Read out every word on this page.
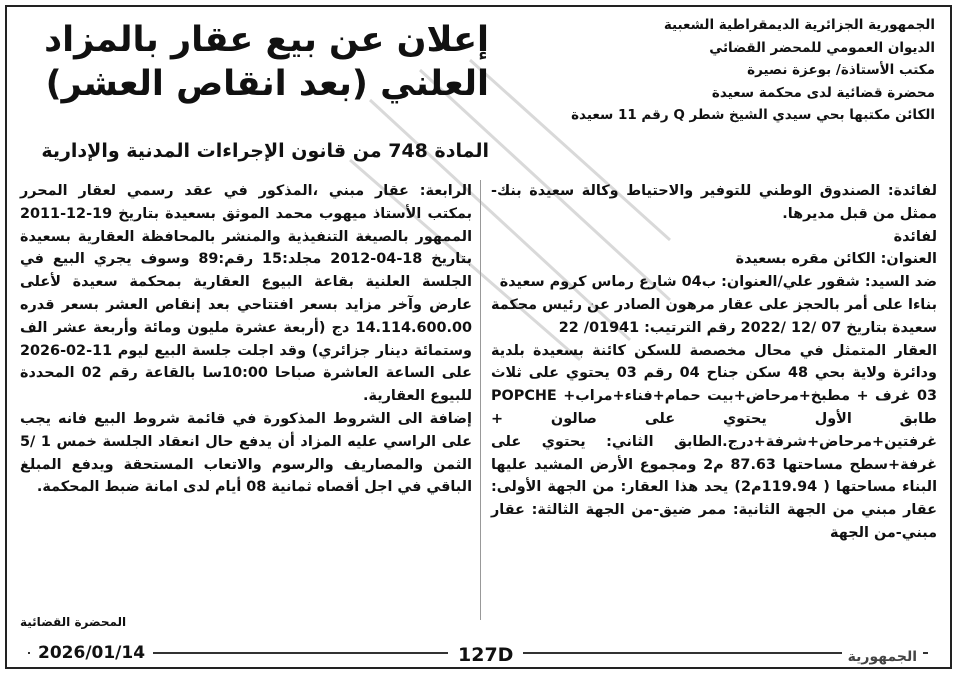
الجمهورية الجزائرية الديمقراطية الشعبية
الديوان العمومي للمحضر القضائي
مكتب الأستاذة/ بوعزة نصيرة
محضرة قضائية لدى محكمة سعيدة
الكائن مكتبها بحي سيدي الشيخ شطر Q رقم 11 سعيدة
إعلان عن بيع عقار بالمزاد
العلني (بعد انقاص العشر)
المادة 748 من قانون الإجراءات المدنية والإدارية

لفائدة: الصندوق الوطني للتوفير والاحتياط وكالة سعيدة بنك-ممثل من قبل مديرها.

لفائدة

العنوان: الكائن مقره بسعيدة

ضد السيد: شقور علي/العنوان: ب04 شارع رماس كروم سعيدة

بناءا على أمر بالحجز على عقار مرهون الصادر عن رئيس محكمة سعيدة بتاريخ 07 /12 /2022 رقم الترتيب: 01941/ 22

العقار المتمثل في محال مخصصة للسكن كائنة بسعيدة بلدية ودائرة ولاية بحي 48 سكن جناح 04 رقم 03 يحتوي على ثلاث 03 غرف + مطبخ+مرحاض+بيت حمام+فناء+مراب+ POPCHE طابق الأول يحتوي على صالون + غرفتين+مرحاض+شرفة+درج.الطابق الثاني: يحتوي على غرفة+سطح مساحتها 87.63 م2 ومجموع الأرض المشيد عليها البناء مساحتها ( 119.94م2) يحد هذا العقار: من الجهة الأولى: عقار مبني من الجهة الثانية: ممر ضيق-من الجهة الثالثة: عقار مبني-من الجهة

الرابعة: عقار مبني ،المذكور في عقد رسمي لعقار المحرر بمكتب الأستاذ ميهوب محمد الموثق بسعيدة بتاريخ 19-12-2011 الممهور بالصيغة التنفيذية والمنشر بالمحافظة العقارية بسعيدة بتاريخ 18-04-2012 مجلد:15 رقم:89 وسوف يجري البيع في الجلسة العلنية بقاعة البيوع العقارية بمحكمة سعيدة لأعلى عارض وآخر مزايد بسعر افتتاحي بعد إنقاص العشر بسعر قدره 14.114.600.00 دج (أربعة عشرة مليون ومائة وأربعة عشر الف وستمائة دينار جزائري) وقد اجلت جلسة البيع ليوم 11-02-2026 على الساعة العاشرة صباحا 10:00سا بالقاعة رقم 02 المحددة للبيوع العقارية.

إضافة الى الشروط المذكورة في قائمة شروط البيع فانه يجب على الراسي عليه المزاد أن يدفع حال انعقاد الجلسة خمس 1 /5 الثمن والمصاريف والرسوم والاتعاب المستحقة ويدفع المبلغ الباقي في اجل أقصاه ثمانية 08 أيام لدى امانة ضبط المحكمة.

المحضرة القضائية
2026/01/14	127D	الجمهورية
